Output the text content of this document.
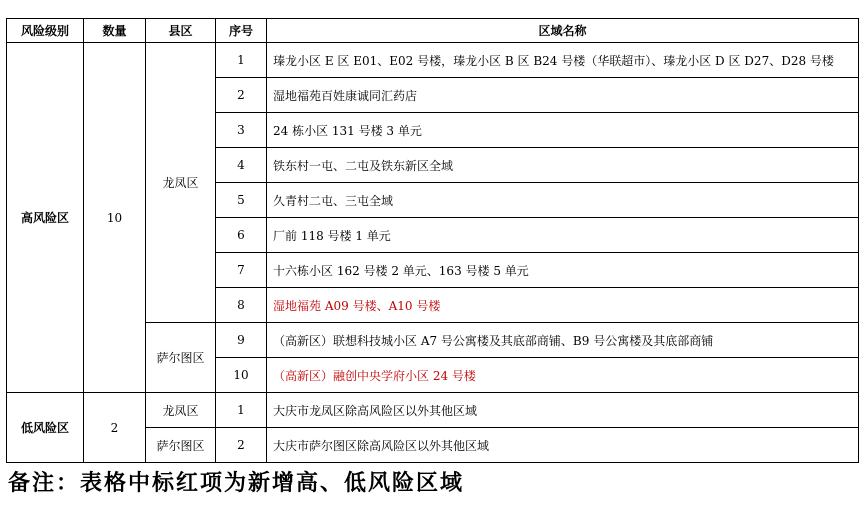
风险级别	数量	县区	序号	区域名称
高风险区	10	龙凤区	1	瑧龙小区 E 区 E01、E02 号楼，瑧龙小区 B 区 B24 号楼（华联超市）、瑧龙小区 D 区 D27、D28 号楼
			2	湿地福苑百姓康诚同汇药店
			3	24 栋小区 131 号楼 3 单元
			4	铁东村一屯、二屯及铁东新区全域
			5	久青村二屯、三屯全域
			6	厂前 118 号楼 1 单元
			7	十六栋小区 162 号楼 2 单元、163 号楼 5 单元
			8	湿地福苑 A09 号楼、A10 号楼
		萨尔图区	9	（高新区）联想科技城小区 A7 号公寓楼及其底部商铺、B9 号公寓楼及其底部商铺
			10	（高新区）融创中央学府小区 24 号楼
低风险区	2	龙凤区	1	大庆市龙凤区除高风险区以外其他区域
		萨尔图区	2	大庆市萨尔图区除高风险区以外其他区域
备注：表格中标红项为新增高、低风险区域
